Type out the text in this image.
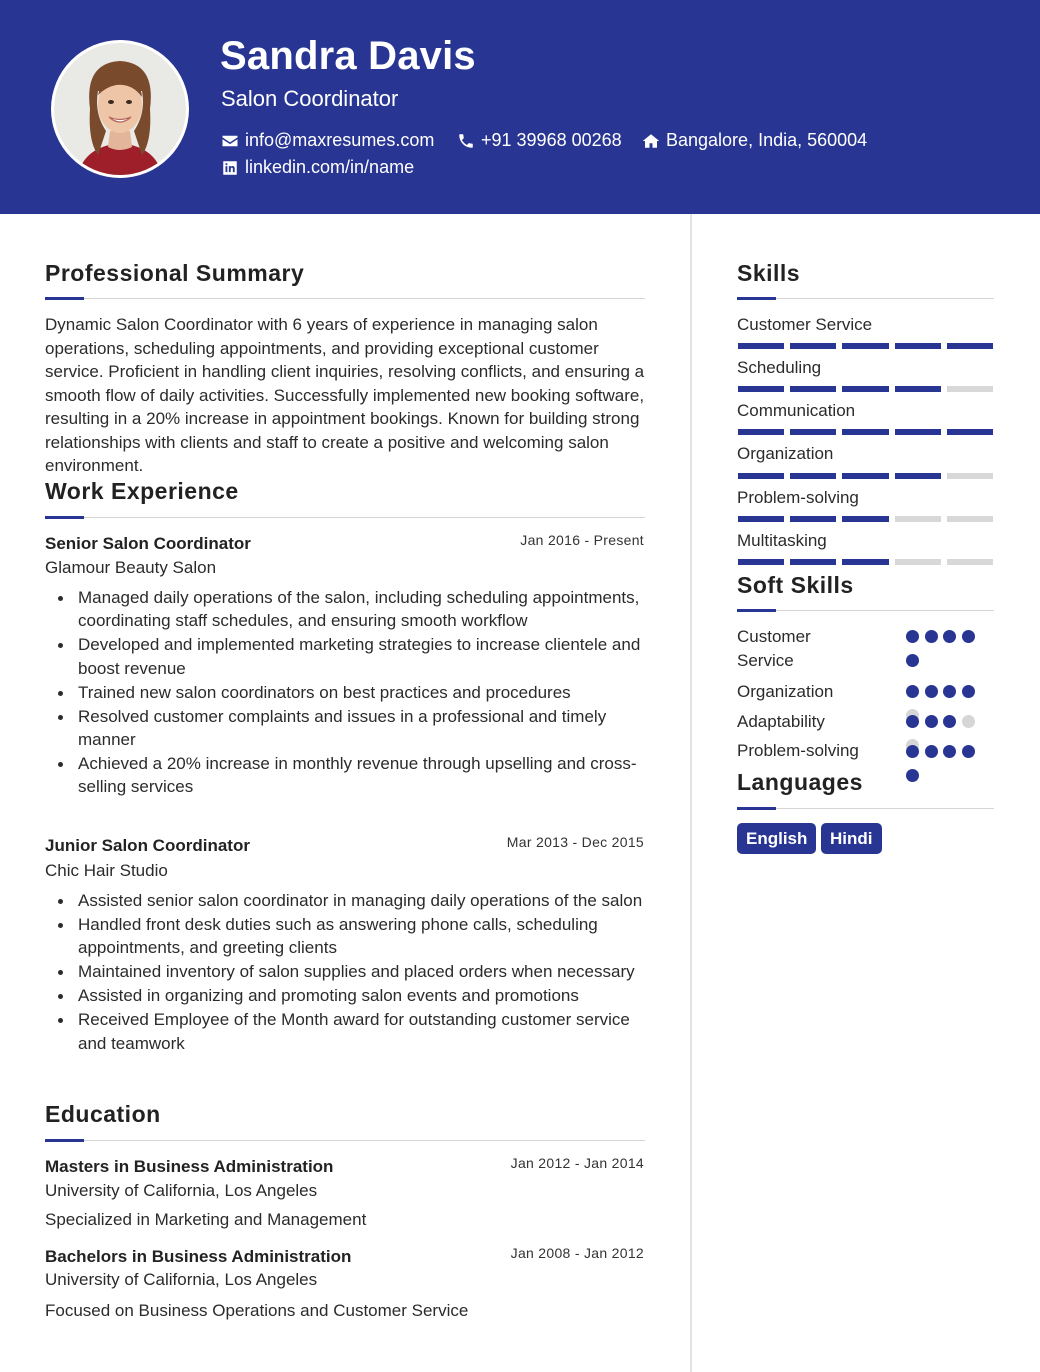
Sandra Davis
Salon Coordinator
info@maxresumes.com	+91 39968 00268 Bangalore, India, 560004
linkedin.com/in/name
Professional Summary
Dynamic Salon Coordinator with 6 years of experience in managing salon operations, scheduling appointments, and providing exceptional customer service. Proficient in handling client inquiries, resolving conflicts, and ensuring a smooth flow of daily activities. Successfully implemented new booking software, resulting in a 20% increase in appointment bookings. Known for building strong relationships with clients and staff to create a positive and welcoming salon environment.
Work Experience
Senior Salon Coordinator	Jan 2016 - Present
Glamour Beauty Salon
Managed daily operations of the salon, including scheduling appointments, coordinating staff schedules, and ensuring smooth workflow
Developed and implemented marketing strategies to increase clientele and boost revenue
Trained new salon coordinators on best practices and procedures
Resolved customer complaints and issues in a professional and timely manner
Achieved a 20% increase in monthly revenue through upselling and cross-selling services
Junior Salon Coordinator	Mar 2013 - Dec 2015
Chic Hair Studio
Assisted senior salon coordinator in managing daily operations of the salon
Handled front desk duties such as answering phone calls, scheduling appointments, and greeting clients
Maintained inventory of salon supplies and placed orders when necessary
Assisted in organizing and promoting salon events and promotions
Received Employee of the Month award for outstanding customer service and teamwork
Education
Masters in Business Administration	Jan 2012 - Jan 2014
University of California, Los Angeles
Specialized in Marketing and Management
Bachelors in Business Administration	Jan 2008 - Jan 2012
University of California, Los Angeles
Focused on Business Operations and Customer Service
Skills
Customer Service
Scheduling
Communication
Organization
Problem-solving
Multitasking
Soft Skills
Customer Service
Organization
Adaptability
Problem-solving
Languages
English	Hindi
